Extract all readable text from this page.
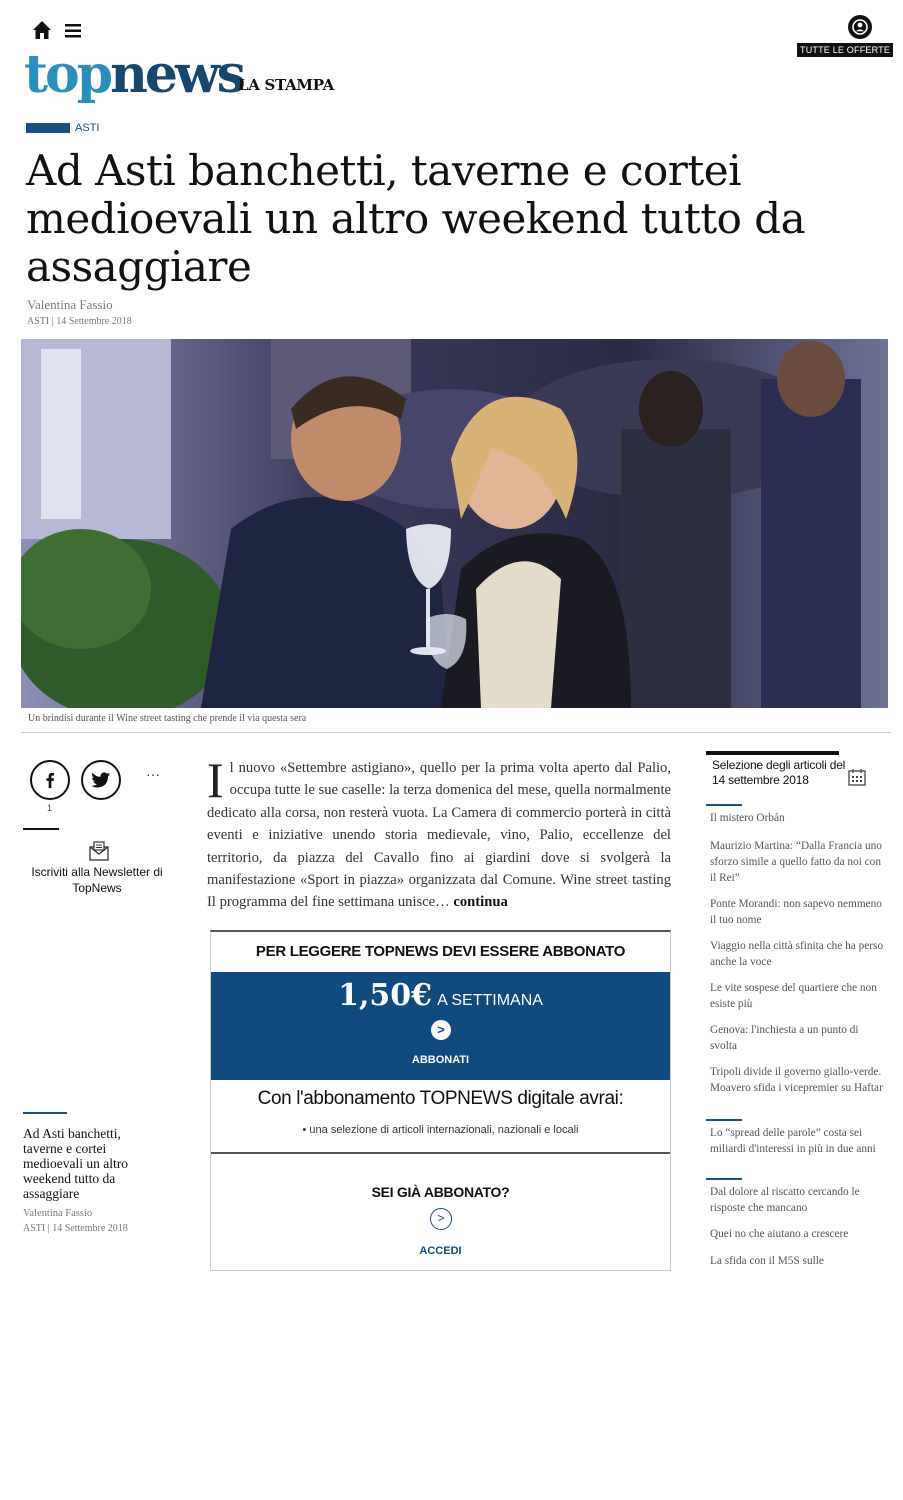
TUTTE LE OFFERTE
topnews
LA STAMPA
ASTI
Ad Asti banchetti, taverne e cortei medioevali un altro weekend tutto da assaggiare
Valentina Fassio
ASTI | 14 Settembre 2018
Un brindisi durante il Wine street tasting che prende il via questa sera
···
1
Iscriviti alla Newsletter di TopNews
Ad Asti banchetti, taverne e cortei medioevali un altro weekend tutto da assaggiare
Valentina Fassio
ASTI | 14 Settembre 2018
Il nuovo «Settembre astigiano», quello per la prima volta aperto dal Palio, occupa tutte le sue caselle: la terza domenica del mese, quella normalmente dedicato alla corsa, non resterà vuota. La Camera di commercio porterà in città eventi e iniziative unendo storia medievale, vino, Palio, eccellenze del territorio, da piazza del Cavallo fino ai giardini dove si svolgerà la manifestazione «Sport in piazza» organizzata dal Comune. Wine street tasting Il programma del fine settimana unisce… continua
PER LEGGERE TOPNEWS DEVI ESSERE ABBONATO
1,50€ A SETTIMANA
>
ABBONATI
Con l'abbonamento TOPNEWS digitale avrai:
• una selezione di articoli internazionali, nazionali e locali
SEI GIÀ ABBONATO?
>
ACCEDI
Selezione degli articoli del 14 settembre 2018
Il mistero Orbán
Maurizio Martina: “Dalla Francia uno sforzo simile a quello fatto da noi con il Rei”
Ponte Morandi: non sapevo nemmeno il tuo nome
Viaggio nella città sfinita che ha perso anche la voce
Le vite sospese del quartiere che non esiste più
Genova: l'inchiesta a un punto di svolta
Tripoli divide il governo giallo-verde. Moavero sfida i vicepremier su Haftar
Lo “spread delle parole” costa sei miliardi d'interessi in più in due anni
Dal dolore al riscatto cercando le risposte che mancano
Quei no che aiutano a crescere
La sfida con il M5S sulle
